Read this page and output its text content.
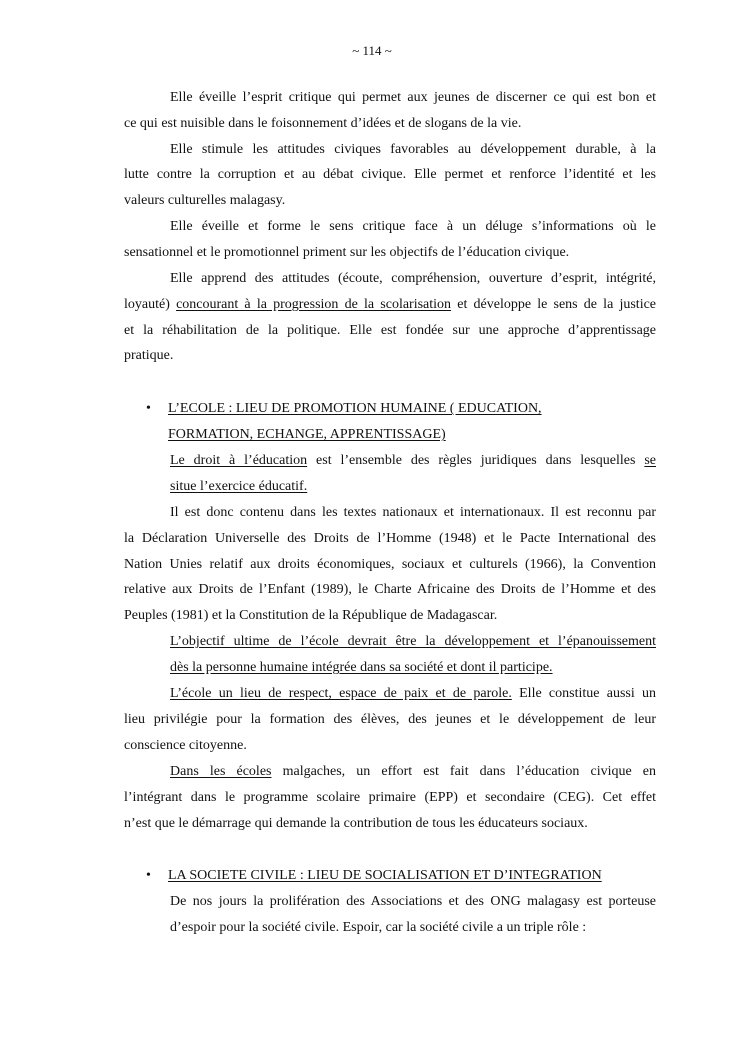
~ 114 ~
Elle éveille l’esprit critique qui permet aux jeunes de discerner ce qui est bon et
ce qui est nuisible dans le foisonnement d’idées et de slogans de la vie.
Elle stimule les attitudes civiques favorables au développement durable, à la
lutte contre la corruption et au débat civique. Elle permet et renforce l’identité et les
valeurs culturelles malagasy.
Elle éveille et forme le sens critique face à un déluge s’informations où le
sensationnel et le promotionnel priment sur les objectifs de l’éducation civique.
Elle apprend des attitudes (écoute, compréhension, ouverture d’esprit, intégrité,
loyauté) concourant à la progression de la scolarisation et développe le sens de la justice
et la réhabilitation de la politique. Elle est fondée sur une approche d’apprentissage
pratique.
• L’ECOLE : LIEU DE PROMOTION HUMAINE ( EDUCATION,
FORMATION, ECHANGE, APPRENTISSAGE)
Le droit à l’éducation est l’ensemble des règles juridiques dans lesquelles se
situe l’exercice éducatif.
Il est donc contenu dans les textes nationaux et internationaux. Il est reconnu par
la Déclaration Universelle des Droits de l’Homme (1948) et le Pacte International des
Nation Unies relatif aux droits économiques, sociaux et culturels (1966), la Convention
relative aux Droits de l’Enfant (1989), le Charte Africaine des Droits de l’Homme et des
Peuples (1981) et la Constitution de la République de Madagascar.
L’objectif ultime de l’école devrait être la développement et l’épanouissement
dès la personne humaine intégrée dans sa société et dont il participe.
L’école un lieu de respect, espace de paix et de parole. Elle constitue aussi un
lieu privilégie pour la formation des élèves, des jeunes et le développement de leur
conscience citoyenne.
Dans les écoles malgaches, un effort est fait dans l’éducation civique en
l’intégrant dans le programme scolaire primaire (EPP) et secondaire (CEG). Cet effet
n’est que le démarrage qui demande la contribution de tous les éducateurs sociaux.
• LA SOCIETE CIVILE : LIEU DE SOCIALISATION ET D’INTEGRATION
De nos jours la prolifération des Associations et des ONG malagasy est porteuse
d’espoir pour la société civile. Espoir, car la société civile a un triple rôle :
